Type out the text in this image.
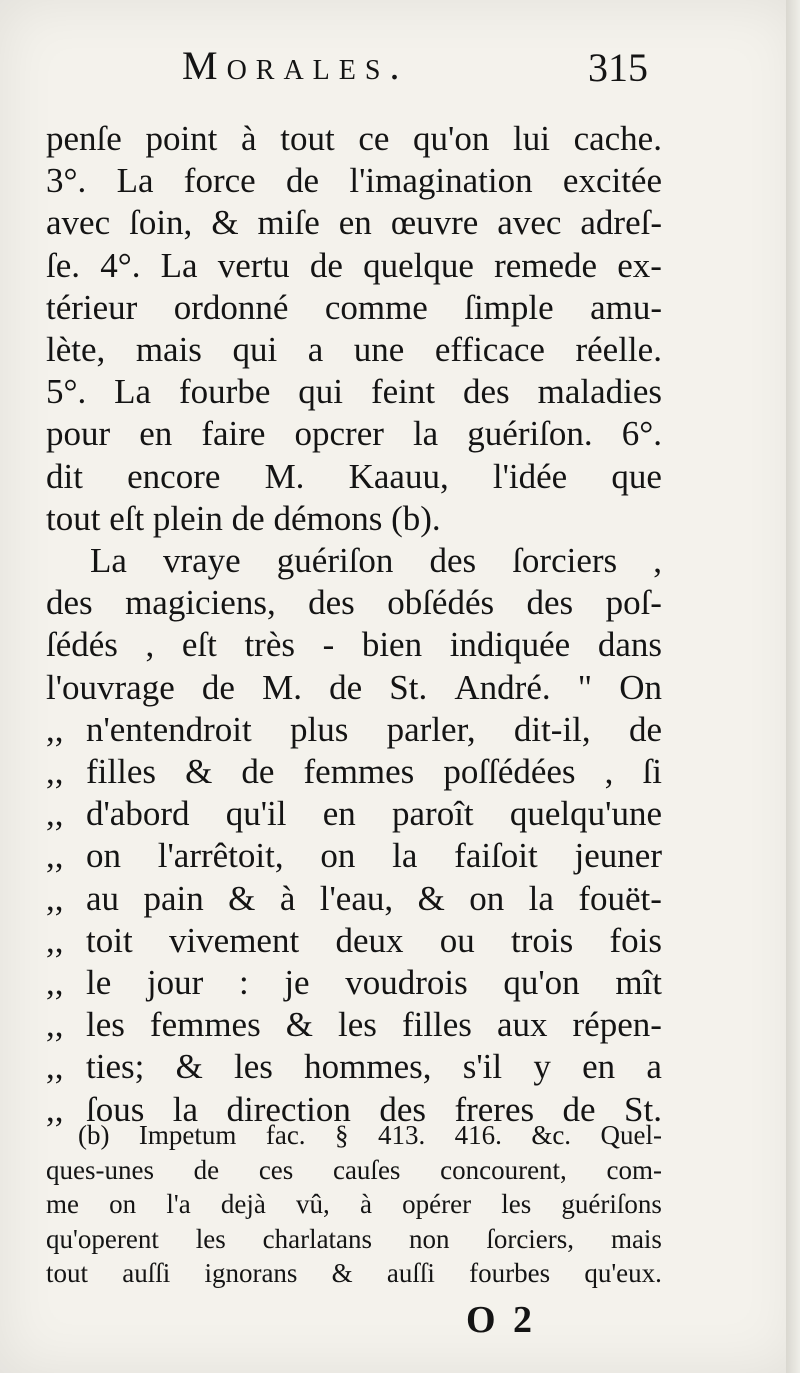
Morales.	315
penſe point à tout ce qu'on lui cache.
3°. La force de l'imagination excitée
avec ſoin, & miſe en œuvre avec adreſ-
ſe. 4°. La vertu de quelque remede ex-
térieur ordonné comme ſimple amu-
lète, mais qui a une efficace réelle.
5°. La fourbe qui feint des maladies
pour en faire opcrer la guériſon. 6°.
dit encore M. Kaauu, l'idée que
tout eſt plein de démons (b).
La vraye guériſon des ſorciers ,
des magiciens, des obſédés des poſ-
ſédés , eſt très - bien indiquée dans
l'ouvrage de M. de St. André. " On
,, n'entendroit plus parler, dit-il, de
,, filles & de femmes poſſédées , ſi
,, d'abord qu'il en paroît quelqu'une
,, on l'arrêtoit, on la faiſoit jeuner
,, au pain & à l'eau, & on la fouët-
,, toit vivement deux ou trois fois
,, le jour : je voudrois qu'on mît
,, les femmes & les filles aux répen-
,, ties; & les hommes, s'il y en a
,, ſous la direction des freres de St.
(b) Impetum fac. § 413. 416. &c. Quel-
ques-unes de ces cauſes concourent, com-
me on l'a dejà vû, à opérer les guériſons
qu'operent les charlatans non ſorciers, mais
tout auſſi ignorans & auſſi fourbes qu'eux.
O 2
